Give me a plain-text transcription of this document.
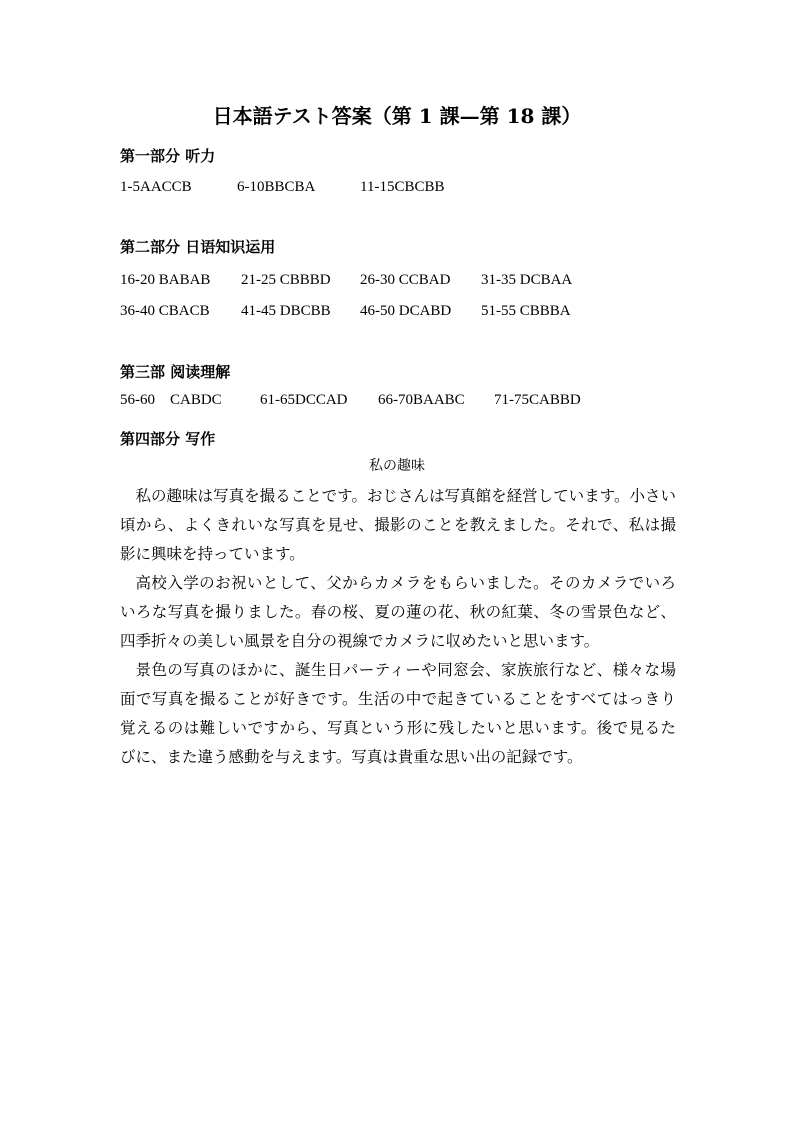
日本語テスト答案（第 1 課—第 18 課）
第一部分 听力
1-5AACCB	6-10BBCBA	11-15CBCBB
第二部分 日语知识运用
16-20 BABAB 21-25 CBBBD 26-30 CCBAD 31-35 DCBAA
36-40 CBACB 41-45 DBCBB 46-50 DCABD 51-55 CBBBA
第三部 阅读理解
56-60    CABDC	61-65DCCAD 66-70BAABC 71-75CABBD
第四部分 写作
私の趣味

私の趣味は写真を撮ることです。おじさんは写真館を経営しています。小さい頃から、よくきれいな写真を見せ、撮影のことを教えました。それで、私は撮影に興味を持っています。

高校入学のお祝いとして、父からカメラをもらいました。そのカメラでいろいろな写真を撮りました。春の桜、夏の蓮の花、秋の紅葉、冬の雪景色など、四季折々の美しい風景を自分の視線でカメラに収めたいと思います。

景色の写真のほかに、誕生日パーティーや同窓会、家族旅行など、様々な場面で写真を撮ることが好きです。生活の中で起きていることをすべてはっきり覚えるのは難しいですから、写真という形に残したいと思います。後で見るたびに、また違う感動を与えます。写真は貴重な思い出の記録です。
